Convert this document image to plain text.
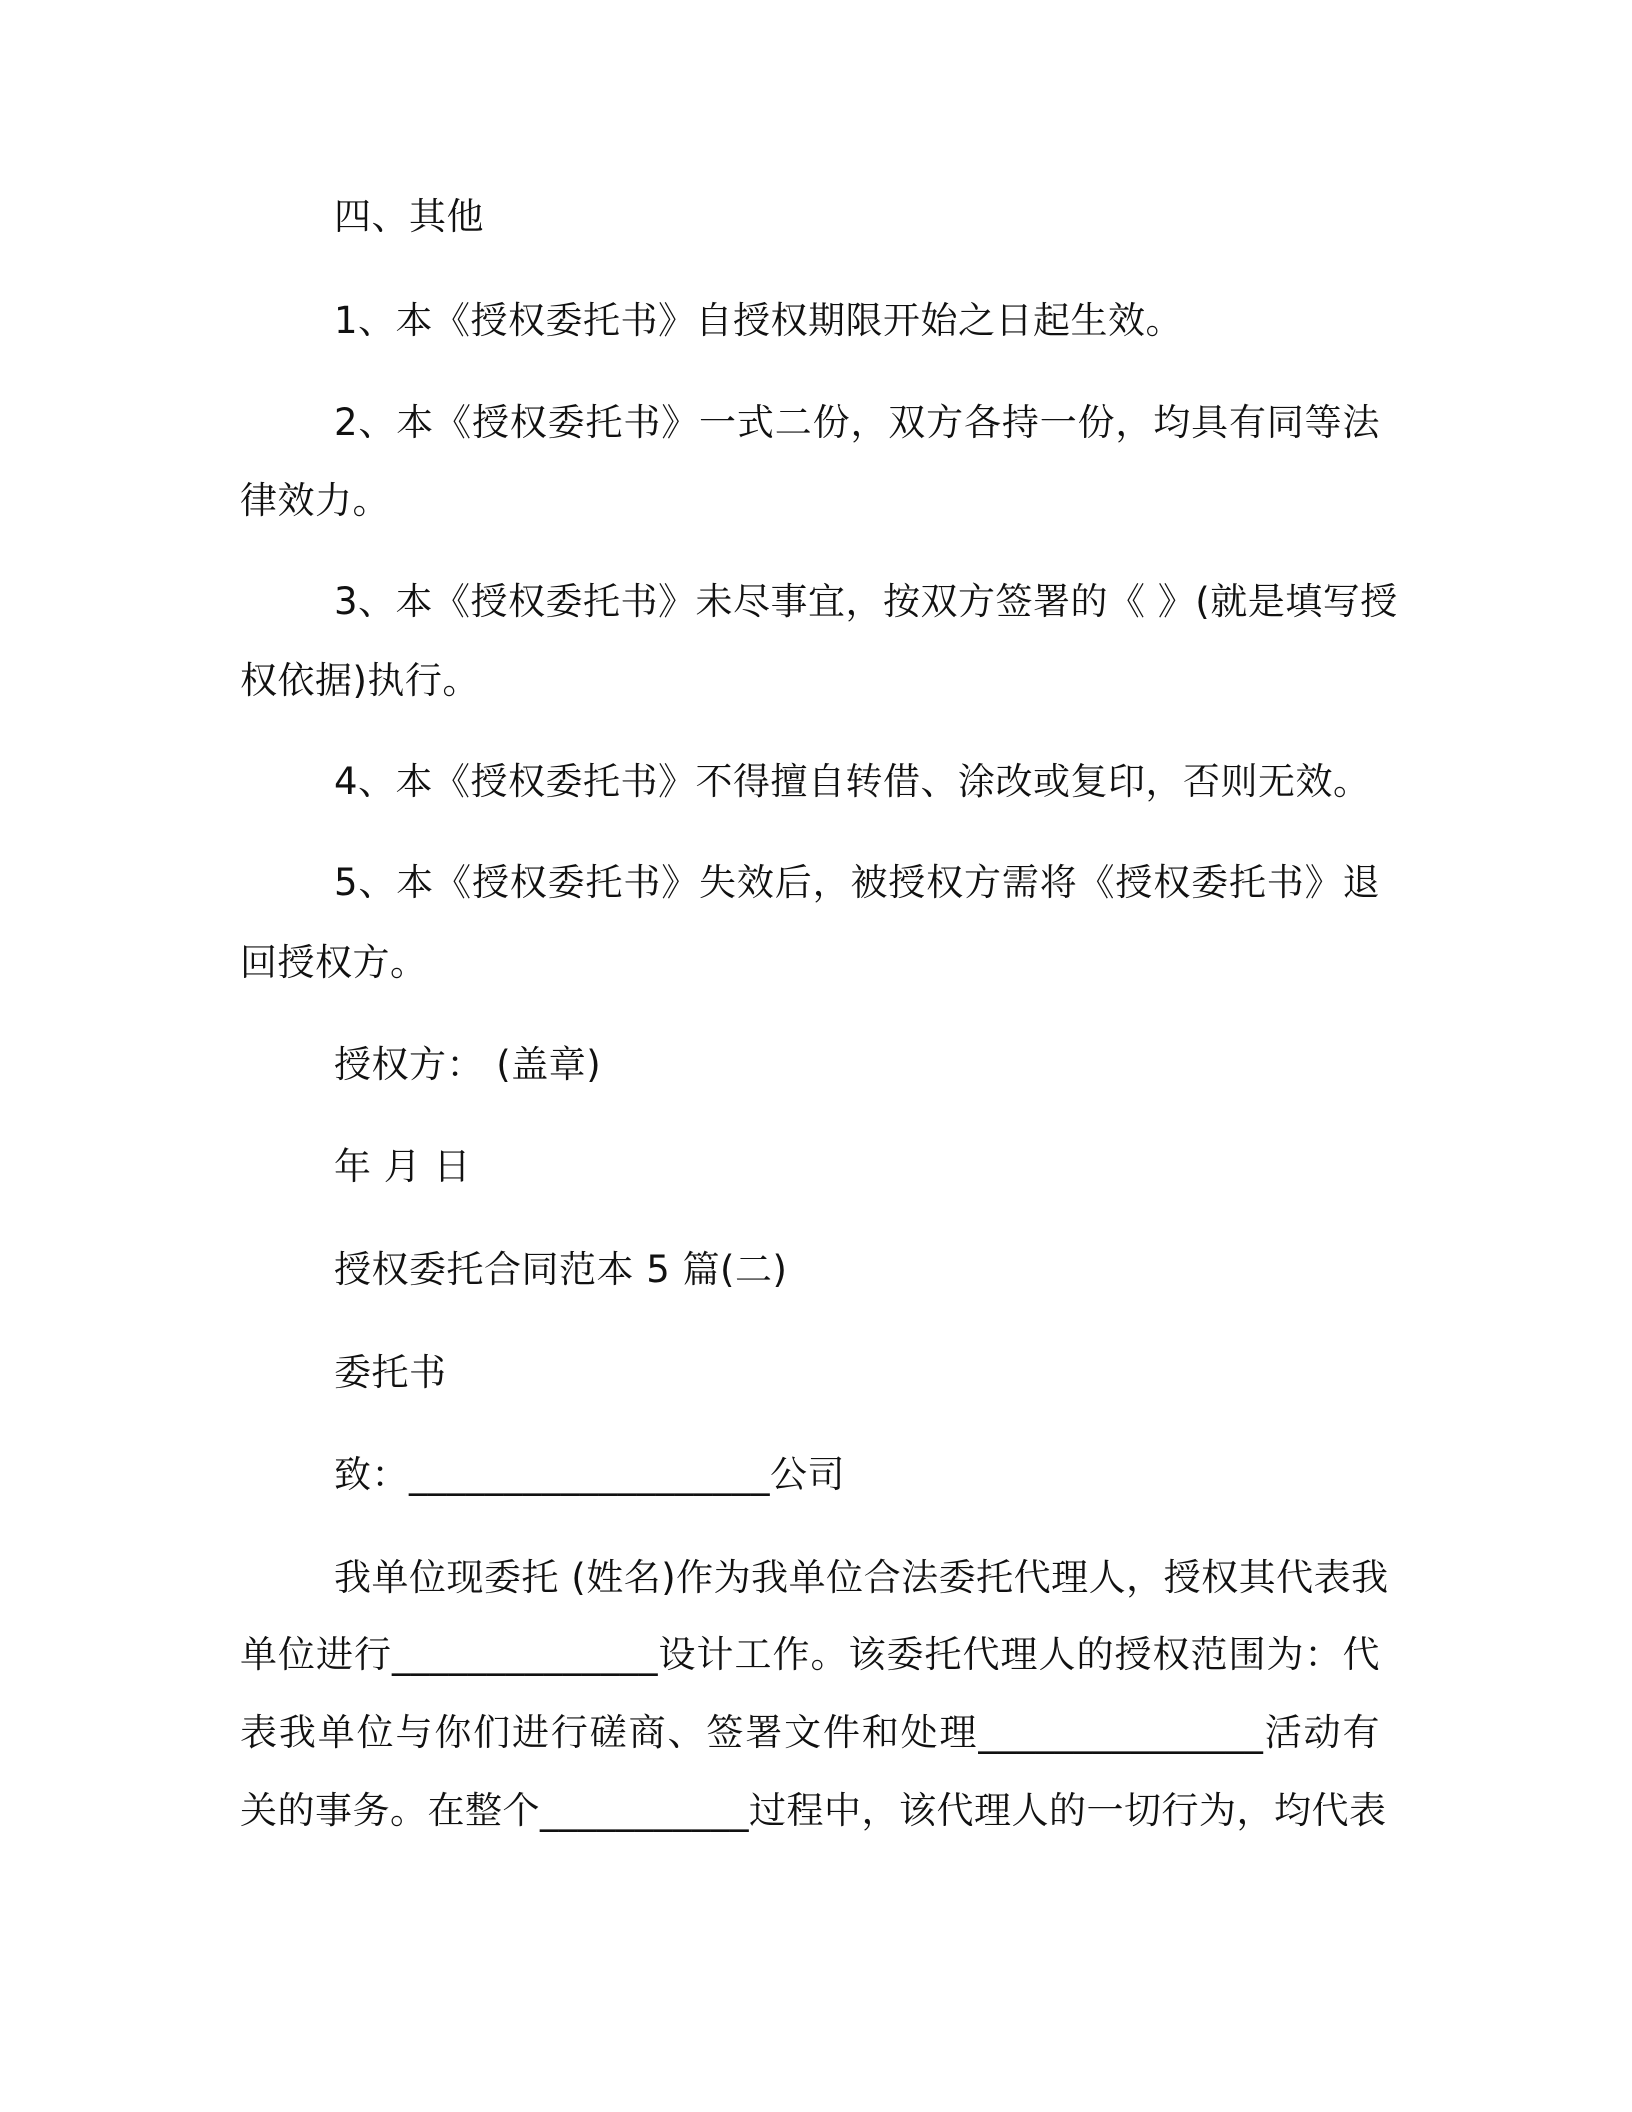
四、其他
1、本《授权委托书》自授权期限开始之日起生效。
2、本《授权委托书》一式二份，双方各持一份，均具有同等法
律效力。
3、本《授权委托书》未尽事宜，按双方签署的《 》(就是填写授
权依据)执行。
4、本《授权委托书》不得擅自转借、涂改或复印，否则无效。
5、本《授权委托书》失效后，被授权方需将《授权委托书》退
回授权方。
授权方： (盖章)
年 月 日
授权委托合同范本 5 篇(二)
委托书
致：___________________公司
我单位现委托 (姓名)作为我单位合法委托代理人，授权其代表我
单位进行______________设计工作。该委托代理人的授权范围为：代
表我单位与你们进行磋商、签署文件和处理_______________活动有
关的事务。在整个___________过程中，该代理人的一切行为，均代表
